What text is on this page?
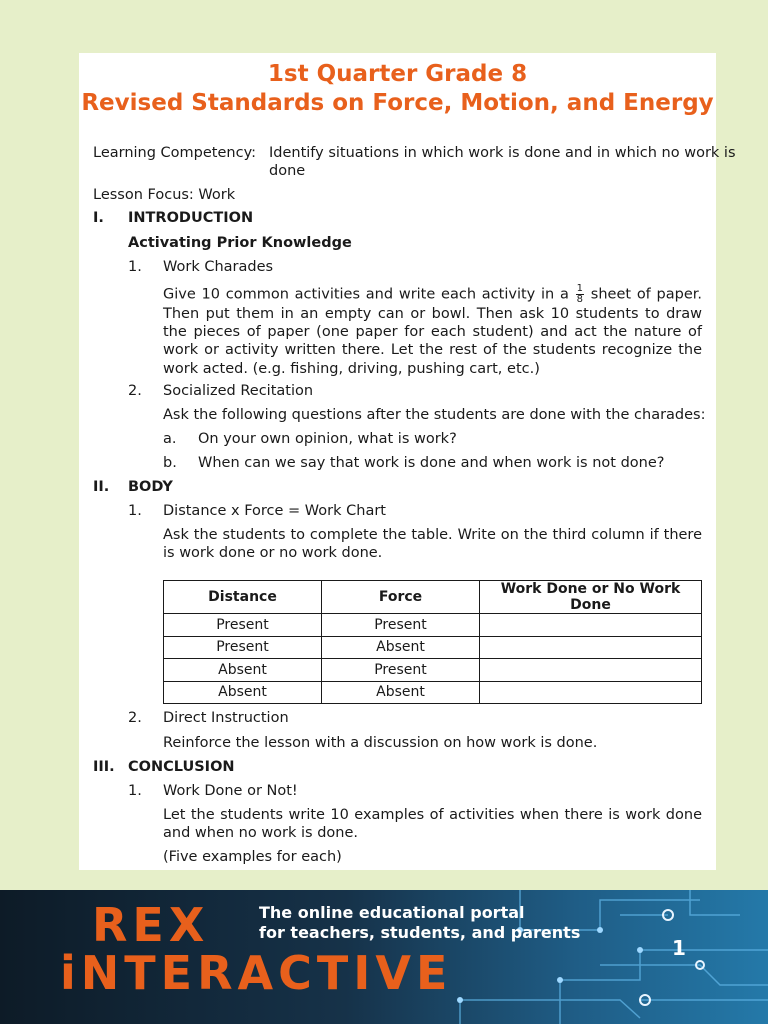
1st Quarter Grade 8
Revised Standards on Force, Motion, and Energy
Learning Competency: Identify situations in which work is done and in which no work is
done
Lesson Focus: Work
I. INTRODUCTION
Activating Prior Knowledge
1. Work Charades
Give 10 common activities and write each activity in a $\frac{1}{8}$ sheet of paper. Then put them in an empty can or bowl. Then ask 10 students to draw the pieces of paper (one paper for each student) and act the nature of work or activity written there. Let the rest of the students recognize the work acted. (e.g. fishing, driving, pushing cart, etc.)
2. Socialized Recitation
Ask the following questions after the students are done with the charades:
a. On your own opinion, what is work?
b. When can we say that work is done and when work is not done?
II. BODY
1. Distance x Force = Work Chart
Ask the students to complete the table. Write on the third column if there is work done or no work done.
Distance	Force	Work Done or No Work Done
Present	Present	
Present	Absent	
Absent	Present	
Absent	Absent	
2. Direct Instruction
Reinforce the lesson with a discussion on how work is done.
III. CONCLUSION
1. Work Done or Not!
Let the students write 10 examples of activities when there is work done and when no work is done.
(Five examples for each)
REX
iNTERACTIVE
The online educational portal
for teachers, students, and parents
1
